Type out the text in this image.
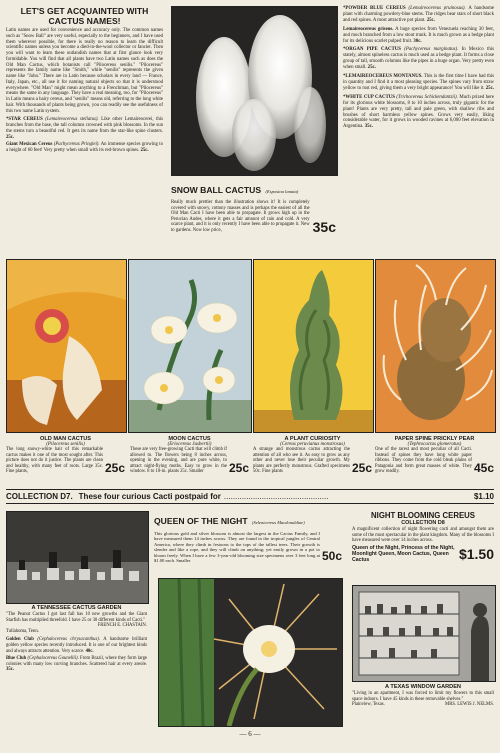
LET'S GET ACQUAINTED WITH
CACTUS NAMES!
Latin names are used for convenience and accuracy only. The common names such as "Snow Ball" are very useful, especially to the beginners, and I have used them wherever possible, for there is really no reason to learn the difficult scientific names unless you become a died-in-the-wool collector or fancier. Then you will want to learn these outlandish names that at first glance look very formidable. You will find that all plants have two Latin names such as does the Old Man Cactus, which botanists call "Pilocereus senilis." "Pilocereus" represents the family name like "Smith," while "senilis" represents the given name like "John." There are in Latin because scholars in every land — France, Italy, Japan, etc., all use it for naming natural objects so that it is understood everywhere. "Old Man" might mean anything to a Frenchman, but "Pilocereus" means the same in any language. They have a real meaning, too, for "Pilocereus" in Latin means a hairy cereus, and "senilis" means old, referring to the long white hair. With thousands of plants being grown, you can readily see the usefulness of this two name Latin system.
*STAR CEREUS (Lemaireocereus stellatus). Like other Lemaireocerei, this branches from the base, the tall columns crowned with pink blossoms. In the sun the stems turn a beautiful red. It gets its name from the star-like spine clusters. 25c.
Giant Mexican Cereus (Pachycereus Pringlei). An immense species growing to a height of 60 feet! Very pretty when small with its red-brown spines. 25c.
SNOW BALL CACTUS (Espostoa lanata)
Really much prettier than the illustration shows it! It is completely covered with snowy, cottony masses and is perhaps the easiest of all the Old Man Cacti I have been able to propagate. It grows high up in the Peruvian Andes, where it gets a fair amount of rain and cold. A very scarce plant, and it is only recently I have been able to propagate it. New to gardens. Now low price,	35c
*POWDER BLUE CEREUS (Lemaireocereus pruinosus). A handsome plant with charming powdery-blue stems. The ridges bear stars of short black and red spines. A most attractive pot plant. 25c.
Lemaireocereus griseus. A huge species from Venezuela reaching 30 feet, and much branched from a low stout trunk. It is much grown as a hedge plant for its delicious scarlet pulped fruit. 30c.
*ORGAN PIPE CACTUS (Pachycereus marginatus). In Mexico this stately, almost spineless cactus is much used as a hedge plant. It forms a close group of tall, smooth columns like the pipes in a huge organ. Very pretty even when small. 25c.
*LEMAIREOCEREUS MONTANUS. This is the first time I have had this in quantity and I find it a most pleasing species. The spines vary from straw yellow to rust red, giving them a very bright appearance! You will like it. 25c.
*WHITE CUP CACTUS (Trichocereus Schickendantzii). Much prized here for its glorious white blossoms, 8 to 10 inches across, truly gigantic for the plant! Plants are very pretty, tall and pale green, with shallow ribs and brushes of short harmless yellow spines. Grows very easily, liking considerable water, for it grows in wooded ravines at 6,000 feet elevation in Argentina. 35c.
OLD MAN CACTUS
(Pilocereus senilis)
The long snowy-white hair of this remarkable cactus makes it one of the most sought after. This picture does not do it justice. The plants are clean and healthy, with many feet of roots. Large 35c. Fine plants,	25c
MOON CACTUS
(Eriocereus Jusbertii)
These are very free-growing Cacti that will climb if allowed to. The flowers being 8 inches across, opening in the evening, and are pure white, to attract night-flying moths. Easy to grow in the window. 8 to 10-in. plants 25c. Smaller	25c
A PLANT CURIOSITY
(Cereus peruvianus monstrosus)
A strange and monstrous cactus attracting the attention of all who see it. As easy to grow as any other and never lose their peculiar growth. My plants are perfectly monstrous. Grafted specimens 50c. Fine plants	25c
PAPER SPINE PRICKLY PEAR
(Tephrocactus glomeratus)
One of the rarest and most peculiar of all Cacti. Instead of spines they have long white paper ribbons. They come from the cold bleak plains of Patagonia and form great masses of white. They grow readily.	45c
COLLECTION D7. These four curious Cacti postpaid for ...............................................	$1.10
A TENNESSEE CACTUS GARDEN
"The Peanut Cactus I got last fall has 10 new growths and the Giant Starfish has multiplied threefold. I have 25 or 30 different kinds of Cacti."
FRENCH E. CHASTAIN.
Tullahoma, Tenn.
Golden Club (Cephalocereus chrysacanthus). A handsome brilliant golden yellow species recently introduced. It is one of our brightest kinds and always attracts attention. Very scarce. 40c.
Blue Club (Cephalocereus Gounellii). From Brazil, where they form large colonies with many low curving branches. Scattered hair at every areole. 35c.
QUEEN OF THE NIGHT (Selenicereus Macdonaldiae)
This glorious gold and silver blossom is almost the largest in the Cactus Family, and I have measured them 14 inches across. They are found in the tropical jungles of Central America, where they climb in festoons to the tops of the tallest trees. Their growth is slender and like a rope, and they will climb on anything; yet easily grown in a pot to bloom freely. When I have a few 3-year-old blooming size specimens over 3 feet long at $1.00 each. Smaller	50c
— 6 —
NIGHT BLOOMING CEREUS
COLLECTION D8
A magnificent collection of night flowering cacti and amongst them are some of the most spectacular in the plant kingdom. Many of the blossoms I have measured were over 14 inches across.
Queen of the Night, Princess of the Night, Moonlight Queen, Moon Cactus, Queen Cactus	$1.50
A TEXAS WINDOW GARDEN
"Living in an apartment, I was forced to limit my flowers to this small space indoors. I have 45 kinds in these removable shelves."
Plainview, Texas.	MRS. LEWIS J. NELMS.
